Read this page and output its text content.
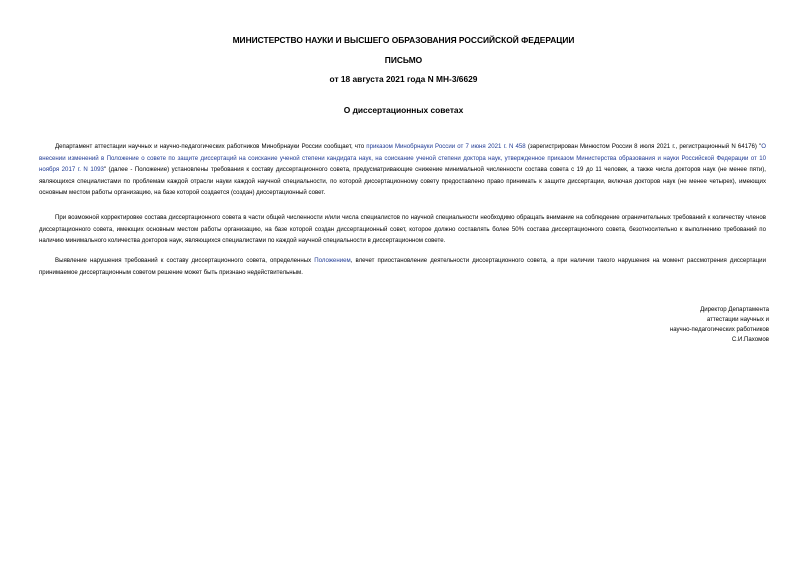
МИНИСТЕРСТВО НАУКИ И ВЫСШЕГО ОБРАЗОВАНИЯ РОССИЙСКОЙ ФЕДЕРАЦИИ
ПИСЬМО
от 18 августа 2021 года N МН-3/6629
О диссертационных советах

Департамент аттестации научных и научно-педагогических работников Минобрнауки России сообщает, что приказом Минобрнауки России от 7 июня 2021 г. N 458 (зарегистрирован Минюстом России 8 июля 2021 г., регистрационный N 64176) "О внесении изменений в Положение о совете по защите диссертаций на соискание ученой степени кандидата наук, на соискание ученой степени доктора наук, утвержденное приказом Министерства образования и науки Российской Федерации от 10 ноября 2017 г. N 1093" (далее - Положение) установлены требования к составу диссертационного совета, предусматривающие снижение минимальной численности состава совета с 19 до 11 человек, а также числа докторов наук (не менее пяти), являющихся специалистами по проблемам каждой отрасли науки каждой научной специальности, по которой диссертационному совету предоставлено право принимать к защите диссертации, включая докторов наук (не менее четырех), имеющих основным местом работы организацию, на базе которой создается (создан) диссертационный совет.

При возможной корректировке состава диссертационного совета в части общей численности и/или числа специалистов по научной специальности необходимо обращать внимание на соблюдение ограничительных требований к количеству членов диссертационного совета, имеющих основным местом работы организацию, на базе которой создан диссертационный совет, которое должно составлять более 50% состава диссертационного совета, безотносительно к выполнению требований по наличию минимального количества докторов наук, являющихся специалистами по каждой научной специальности в диссертационном совете.

Выявление нарушения требований к составу диссертационного совета, определенных Положением, влечет приостановление деятельности диссертационного совета, а при наличии такого нарушения на момент рассмотрения диссертации принимаемое диссертационным советом решение может быть признано недействительным.

Директор Департамента
аттестации научных и
научно-педагогических работников
С.И.Пахомов
